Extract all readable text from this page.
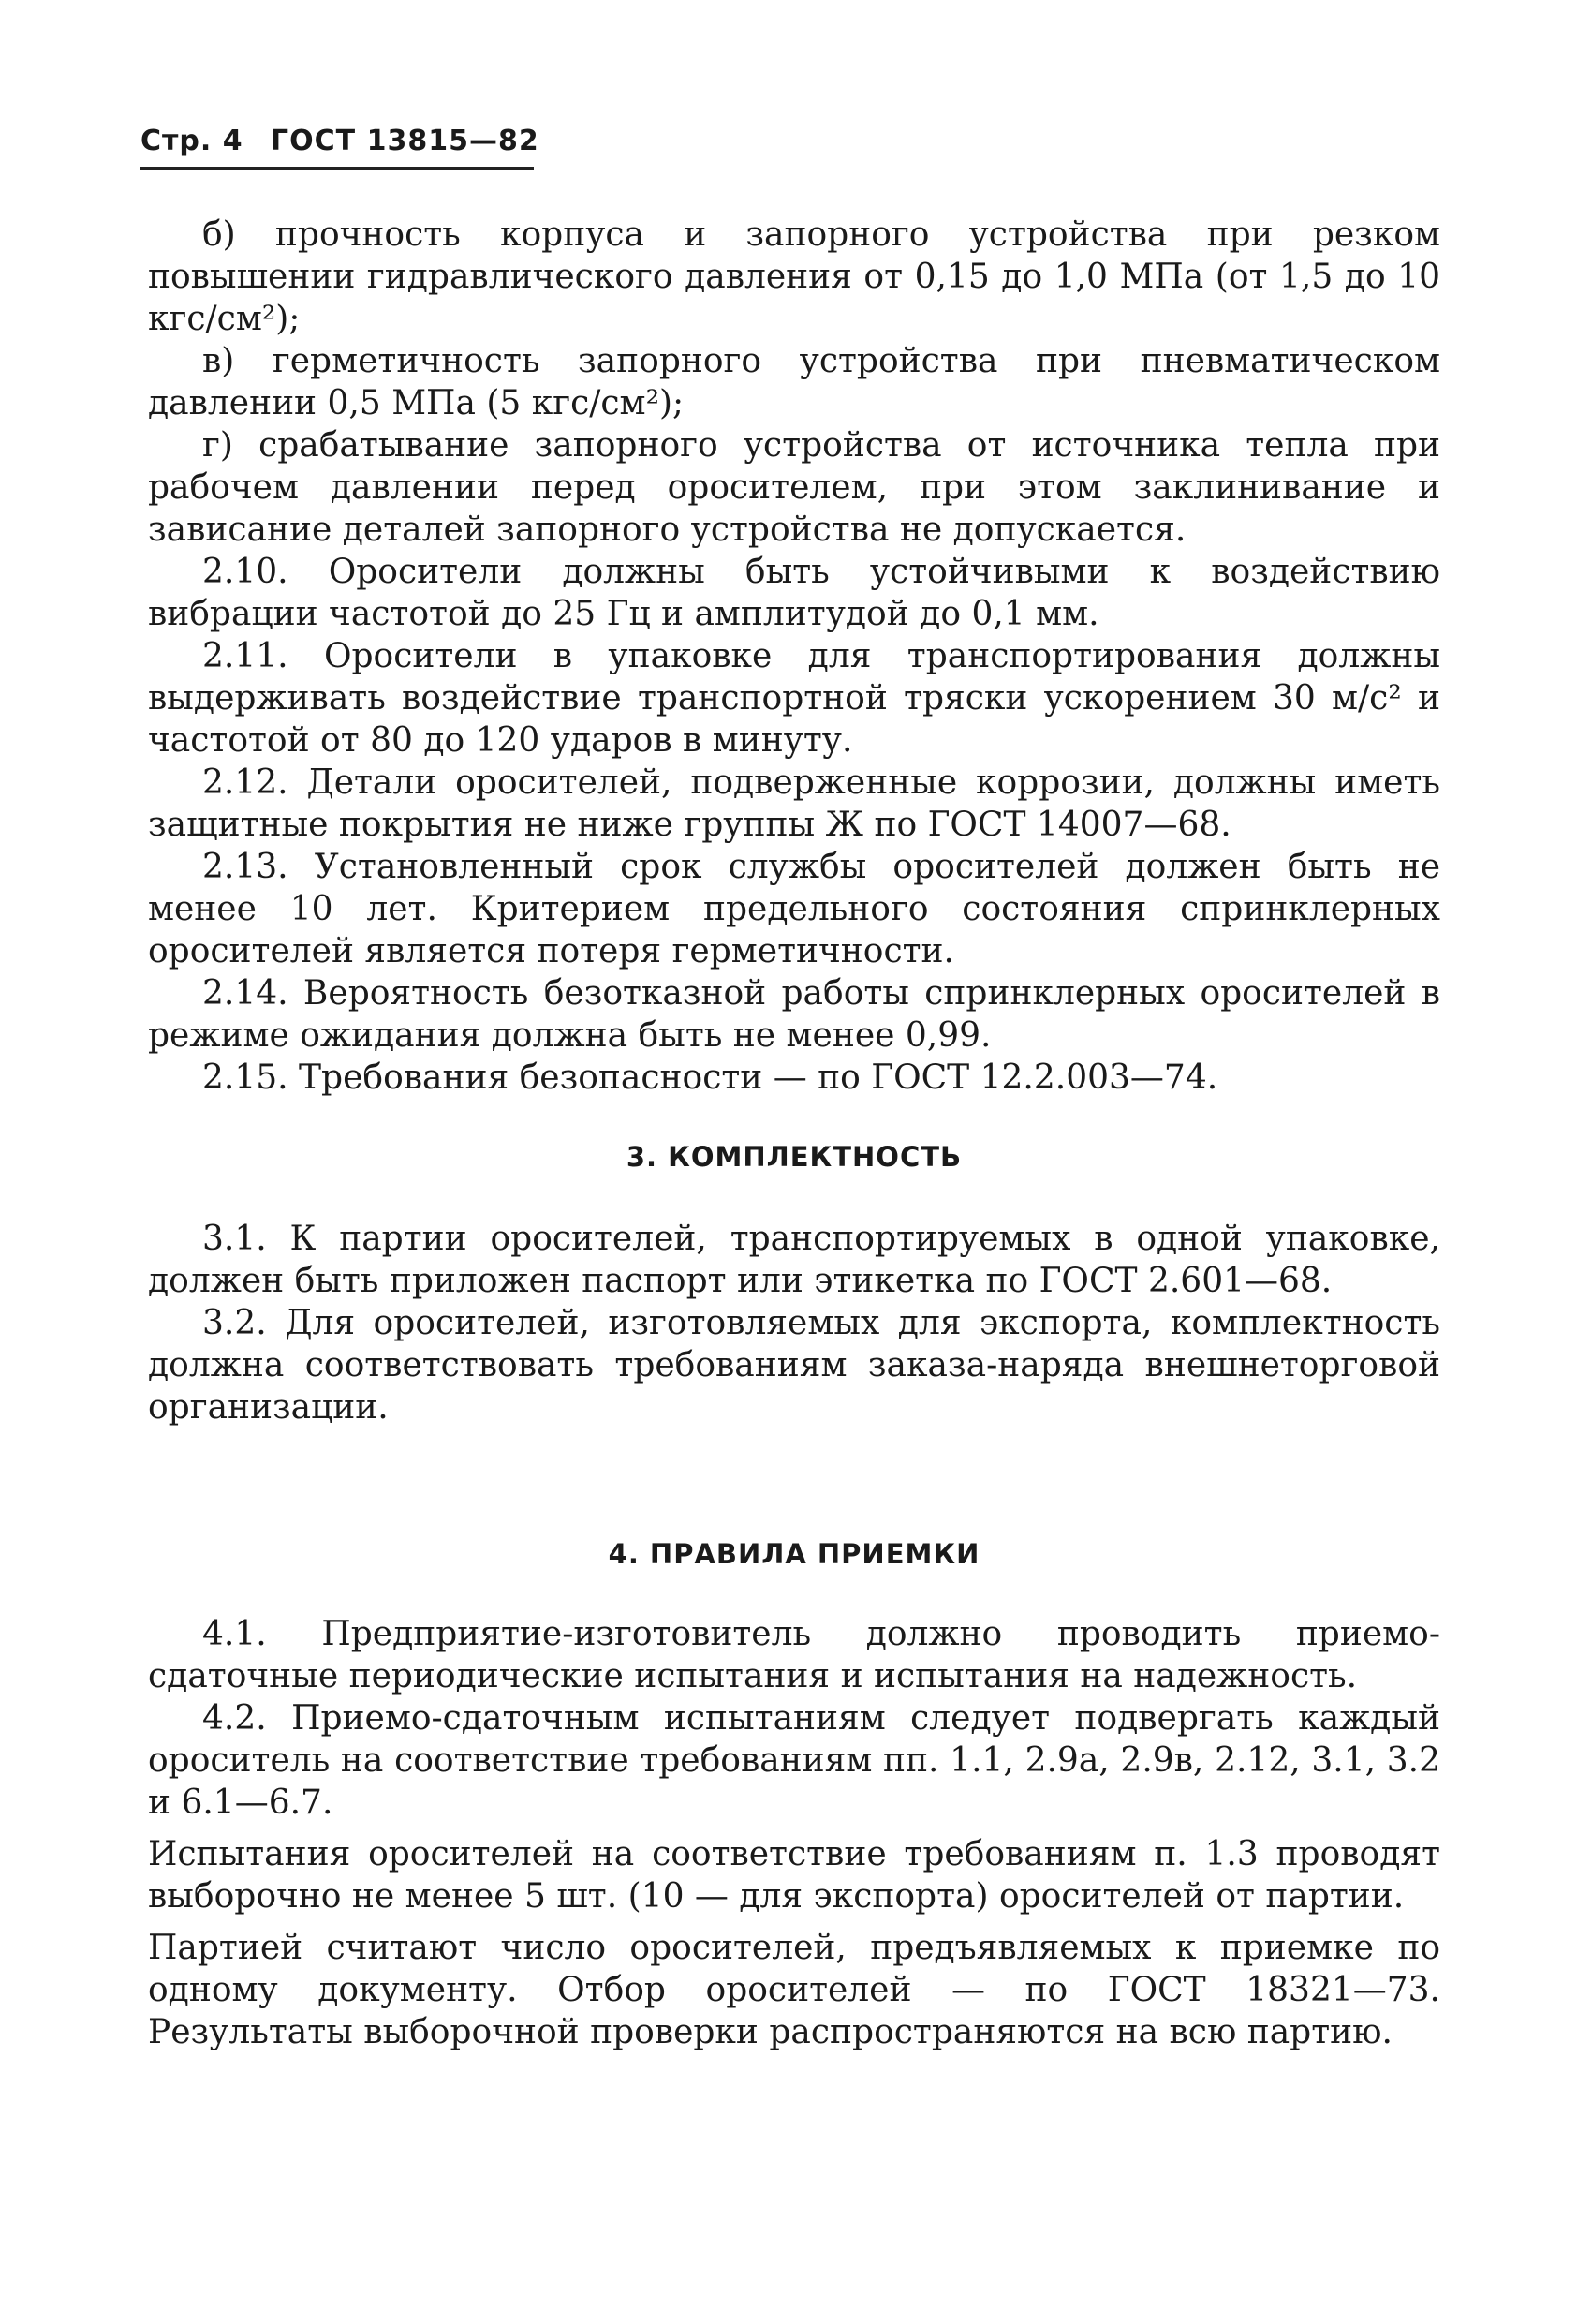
Стр. 4 ГОСТ 13815—82

б) прочность корпуса и запорного устройства при резком повышении гидравлического давления от 0,15 до 1,0 МПа (от 1,5 до 10 кгс/см²);

в) герметичность запорного устройства при пневматическом давлении 0,5 МПа (5 кгс/см²);

г) срабатывание запорного устройства от источника тепла при рабочем давлении перед оросителем, при этом заклинивание и зависание деталей запорного устройства не допускается.

2.10. Оросители должны быть устойчивыми к воздействию вибрации частотой до 25 Гц и амплитудой до 0,1 мм.

2.11. Оросители в упаковке для транспортирования должны выдерживать воздействие транспортной тряски ускорением 30 м/с² и частотой от 80 до 120 ударов в минуту.

2.12. Детали оросителей, подверженные коррозии, должны иметь защитные покрытия не ниже группы Ж по ГОСТ 14007—68.

2.13. Установленный срок службы оросителей должен быть не менее 10 лет. Критерием предельного состояния спринклерных оросителей является потеря герметичности.

2.14. Вероятность безотказной работы спринклерных оросителей в режиме ожидания должна быть не менее 0,99.

2.15. Требования безопасности — по ГОСТ 12.2.003—74.

3. КОМПЛЕКТНОСТЬ

3.1. К партии оросителей, транспортируемых в одной упаковке, должен быть приложен паспорт или этикетка по ГОСТ 2.601—68.

3.2. Для оросителей, изготовляемых для экспорта, комплектность должна соответствовать требованиям заказа-наряда внешнеторговой организации.

4. ПРАВИЛА ПРИЕМКИ

4.1. Предприятие-изготовитель должно проводить приемо-сдаточные периодические испытания и испытания на надежность.

4.2. Приемо-сдаточным испытаниям следует подвергать каждый ороситель на соответствие требованиям пп. 1.1, 2.9а, 2.9в, 2.12, 3.1, 3.2 и 6.1—6.7.

Испытания оросителей на соответствие требованиям п. 1.3 проводят выборочно не менее 5 шт. (10 — для экспорта) оросителей от партии.

Партией считают число оросителей, предъявляемых к приемке по одному документу. Отбор оросителей — по ГОСТ 18321—73. Результаты выборочной проверки распространяются на всю партию.
